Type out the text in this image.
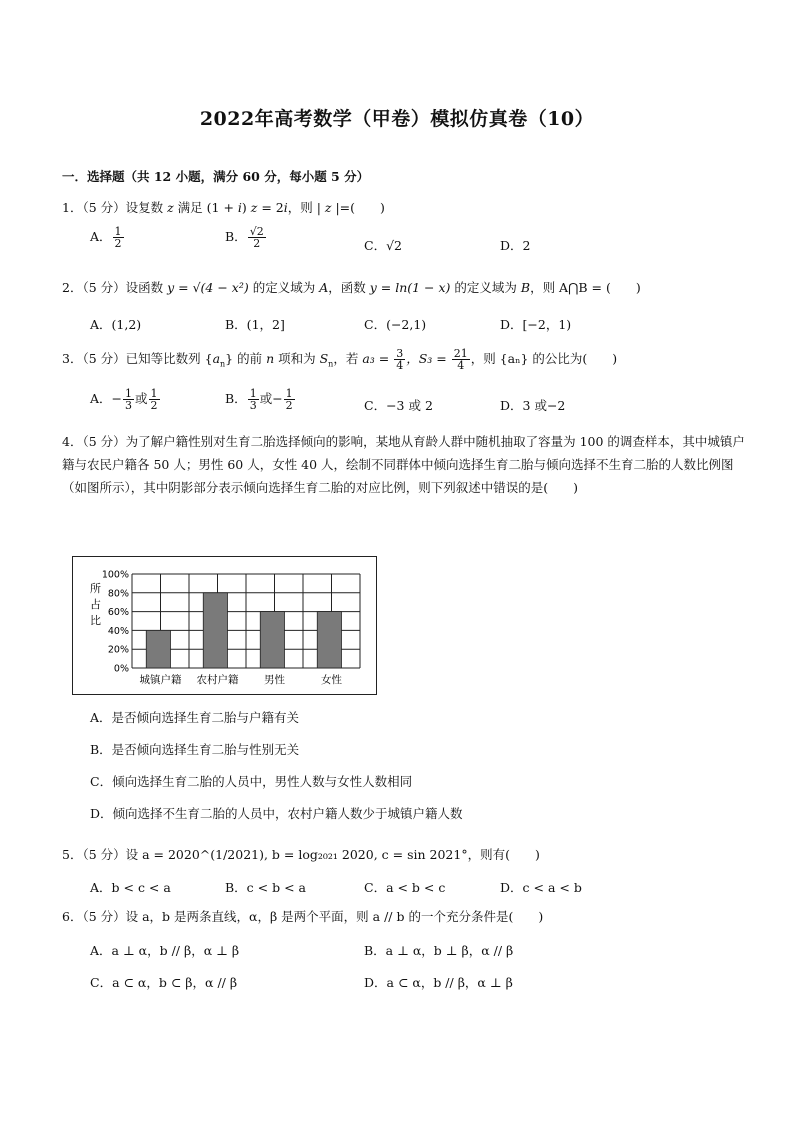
2022年高考数学（甲卷）模拟仿真卷（10）
一．选择题（共 12 小题，满分 60 分，每小题 5 分）
1．（5 分）设复数 z 满足 (1 + i) z = 2i，则 | z |=(　　)
A． $\frac{1}{2}$	B． $\frac{√2}{2}$	C．√2	D．2
2．（5 分）设函数 y = √(4 − x²) 的定义域为 A，函数 y = ln(1 − x) 的定义域为 B，则 A⋂B = (　　)
A．(1,2)	B．(1，2]	C．(−2,1)	D．[−2，1)
3．（5 分）已知等比数列 $\{a_n\}$ 的前 n 项和为 $S_n$，若 $a_3 = \frac{3}{4}$ ，$S_3 = \frac{21}{4}$ ，则 {aₙ} 的公比为(　　)
A．− $\frac{1}{3}$ 或 $\frac{1}{2}$	B． $\frac{1}{3}$ 或− $\frac{1}{2}$	C．−3 或 2	D．3 或−2
4．（5 分）为了解户籍性别对生育二胎选择倾向的影响，某地从育龄人群中随机抽取了容量为 100 的调查样本，其中城镇户籍与农民户籍各 50 人；男性 60 人，女性 40 人，绘制不同群体中倾向选择生育二胎与倾向选择不生育二胎的人数比例图（如图所示），其中阴影部分表示倾向选择生育二胎的对应比例，则下列叙述中错误的是(　　)
所
占
比
0%
20%
40%
60%
80%
100%
城镇户籍 农村户籍 男性	女性
A．是否倾向选择生育二胎与户籍有关
B．是否倾向选择生育二胎与性别无关
C．倾向选择生育二胎的人员中，男性人数与女性人数相同
D．倾向选择不生育二胎的人员中，农村户籍人数少于城镇户籍人数
5．（5 分）设 a = 2020^(1/2021), b = log₂₀₂₁ 2020, c = sin 2021°，则有(　　)
A．b < c < a	B．c < b < a	C．a < b < c	D．c < a < b
6．（5 分）设 a，b 是两条直线，α，β 是两个平面，则 a // b 的一个充分条件是(　　)
A．a ⊥ α，b // β，α ⊥ β	B．a ⊥ α，b ⊥ β，α // β
C．a ⊂ α，b ⊂ β，α // β	D．a ⊂ α，b // β，α ⊥ β
